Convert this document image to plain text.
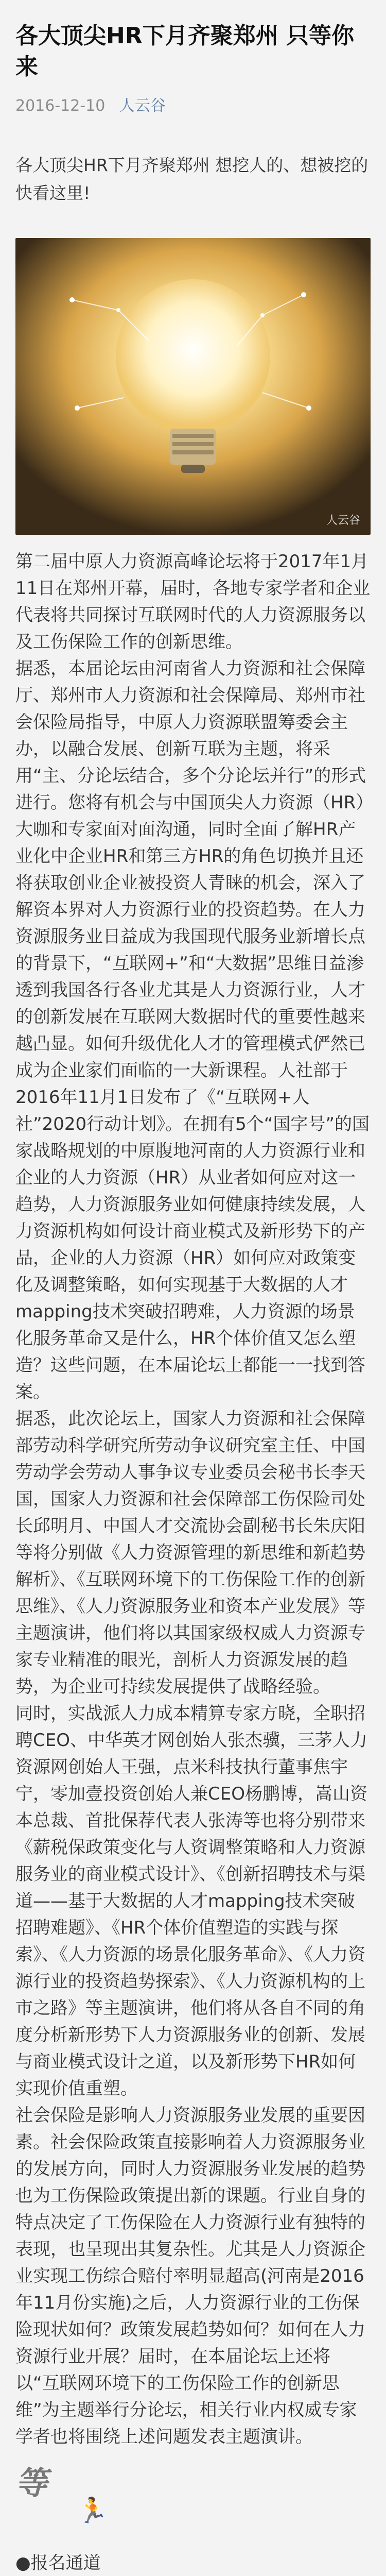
各大顶尖HR下月齐聚郑州 只等你来
2016-12-10 人云谷
各大顶尖HR下月齐聚郑州 想挖人的、想被挖的快看这里!
人云谷

第二届中原人力资源高峰论坛将于2017年1月11日在郑州开幕，届时，各地专家学者和企业代表将共同探讨互联网时代的人力资源服务以及工伤保险工作的创新思维。

据悉，本届论坛由河南省人力资源和社会保障厅、郑州市人力资源和社会保障局、郑州市社会保险局指导，中原人力资源联盟筹委会主办，以融合发展、创新互联为主题，将采用“主、分论坛结合，多个分论坛并行”的形式进行。您将有机会与中国顶尖人力资源（HR）大咖和专家面对面沟通，同时全面了解HR产业化中企业HR和第三方HR的角色切换并且还将获取创业企业被投资人青睐的机会，深入了解资本界对人力资源行业的投资趋势。在人力资源服务业日益成为我国现代服务业新增长点的背景下，“互联网+”和“大数据”思维日益渗透到我国各行各业尤其是人力资源行业，人才的创新发展在互联网大数据时代的重要性越来越凸显。如何升级优化人才的管理模式俨然已成为企业家们面临的一大新课程。人社部于2016年11月1日发布了《“互联网+人社”2020行动计划》。在拥有5个“国字号”的国家战略规划的中原腹地河南的人力资源行业和企业的人力资源（HR）从业者如何应对这一趋势，人力资源服务业如何健康持续发展，人力资源机构如何设计商业模式及新形势下的产品，企业的人力资源（HR）如何应对政策变化及调整策略，如何实现基于大数据的人才mapping技术突破招聘难，人力资源的场景化服务革命又是什么，HR个体价值又怎么塑造？这些问题，在本届论坛上都能一一找到答案。

据悉，此次论坛上，国家人力资源和社会保障部劳动科学研究所劳动争议研究室主任、中国劳动学会劳动人事争议专业委员会秘书长李天国，国家人力资源和社会保障部工伤保险司处长邱明月、中国人才交流协会副秘书长朱庆阳等将分别做《人力资源管理的新思维和新趋势解析》、《互联网环境下的工伤保险工作的创新思维》、《人力资源服务业和资本产业发展》等主题演讲，他们将以其国家级权威人力资源专家专业精准的眼光，剖析人力资源发展的趋势，为企业可持续发展提供了战略经验。

同时，实战派人力成本精算专家方晓，全职招聘CEO、中华英才网创始人张杰骥，三茅人力资源网创始人王强，点米科技执行董事焦宇宁，零加壹投资创始人兼CEO杨鹏博，嵩山资本总裁、首批保荐代表人张涛等也将分别带来《薪税保政策变化与人资调整策略和人力资源服务业的商业模式设计》、《创新招聘技术与渠道——基于大数据的人才mapping技术突破招聘难题》、《HR个体价值塑造的实践与探索》、《人力资源的场景化服务革命》、《人力资源行业的投资趋势探索》、《人力资源机构的上市之路》等主题演讲，他们将从各自不同的角度分析新形势下人力资源服务业的创新、发展与商业模式设计之道，以及新形势下HR如何实现价值重塑。

社会保险是影响人力资源服务业发展的重要因素。社会保险政策直接影响着人力资源服务业的发展方向，同时人力资源服务业发展的趋势也为工伤保险政策提出新的课题。行业自身的特点决定了工伤保险在人力资源行业有独特的表现，也呈现出其复杂性。尤其是人力资源企业实现工伤综合赔付率明显超高(河南是2016年11月份实施)之后，人力资源行业的工伤保险现状如何？政策发展趋势如何？如何在人力资源行业开展？届时，在本届论坛上还将以“互联网环境下的工伤保险工作的创新思维”为主题举行分论坛，相关行业内权威专家学者也将围绕上述问题发表主题演讲。

等
🏃
●报名通道
